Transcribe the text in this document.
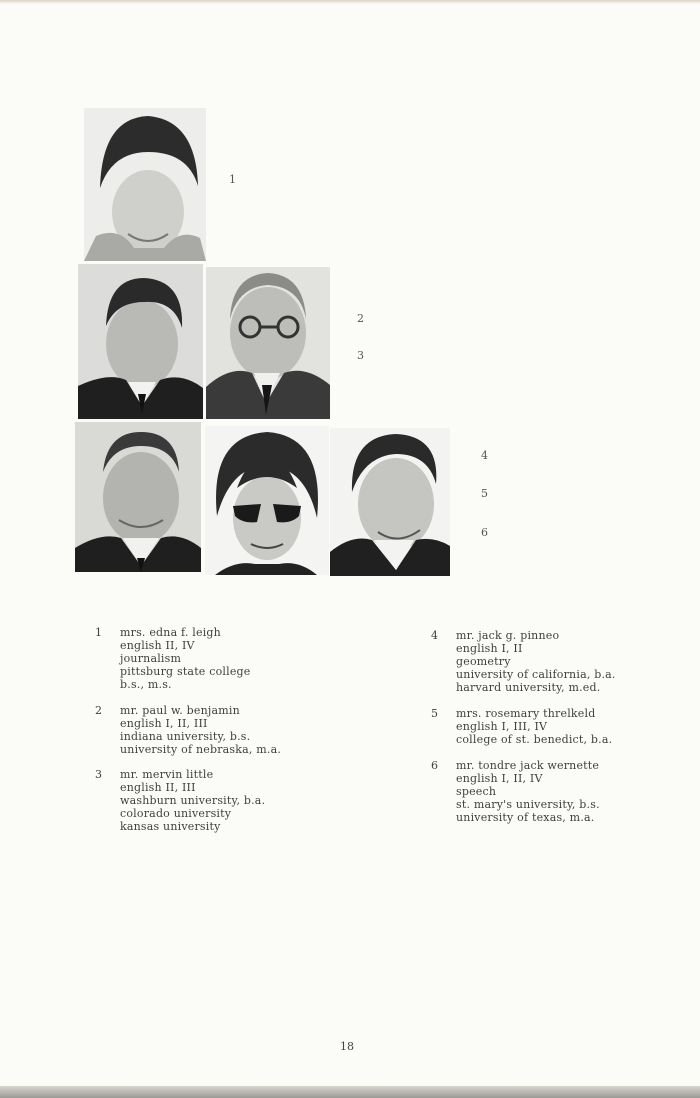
1
2
3
4
5
6
1	mrs. edna f. leigh
english II, IV
journalism
pittsburg state college
b.s., m.s.
2	mr. paul w. benjamin
english I, II, III
indiana university, b.s.
university of nebraska, m.a.
3	mr. mervin little
english II, III
washburn university, b.a.
colorado university
kansas university
4	mr. jack g. pinneo
english I, II
geometry
university of california, b.a.
harvard university, m.ed.
5	mrs. rosemary threlkeld
english I, III, IV
college of st. benedict, b.a.
6	mr. tondre jack wernette
english I, II, IV
speech
st. mary's university, b.s.
university of texas, m.a.
18
